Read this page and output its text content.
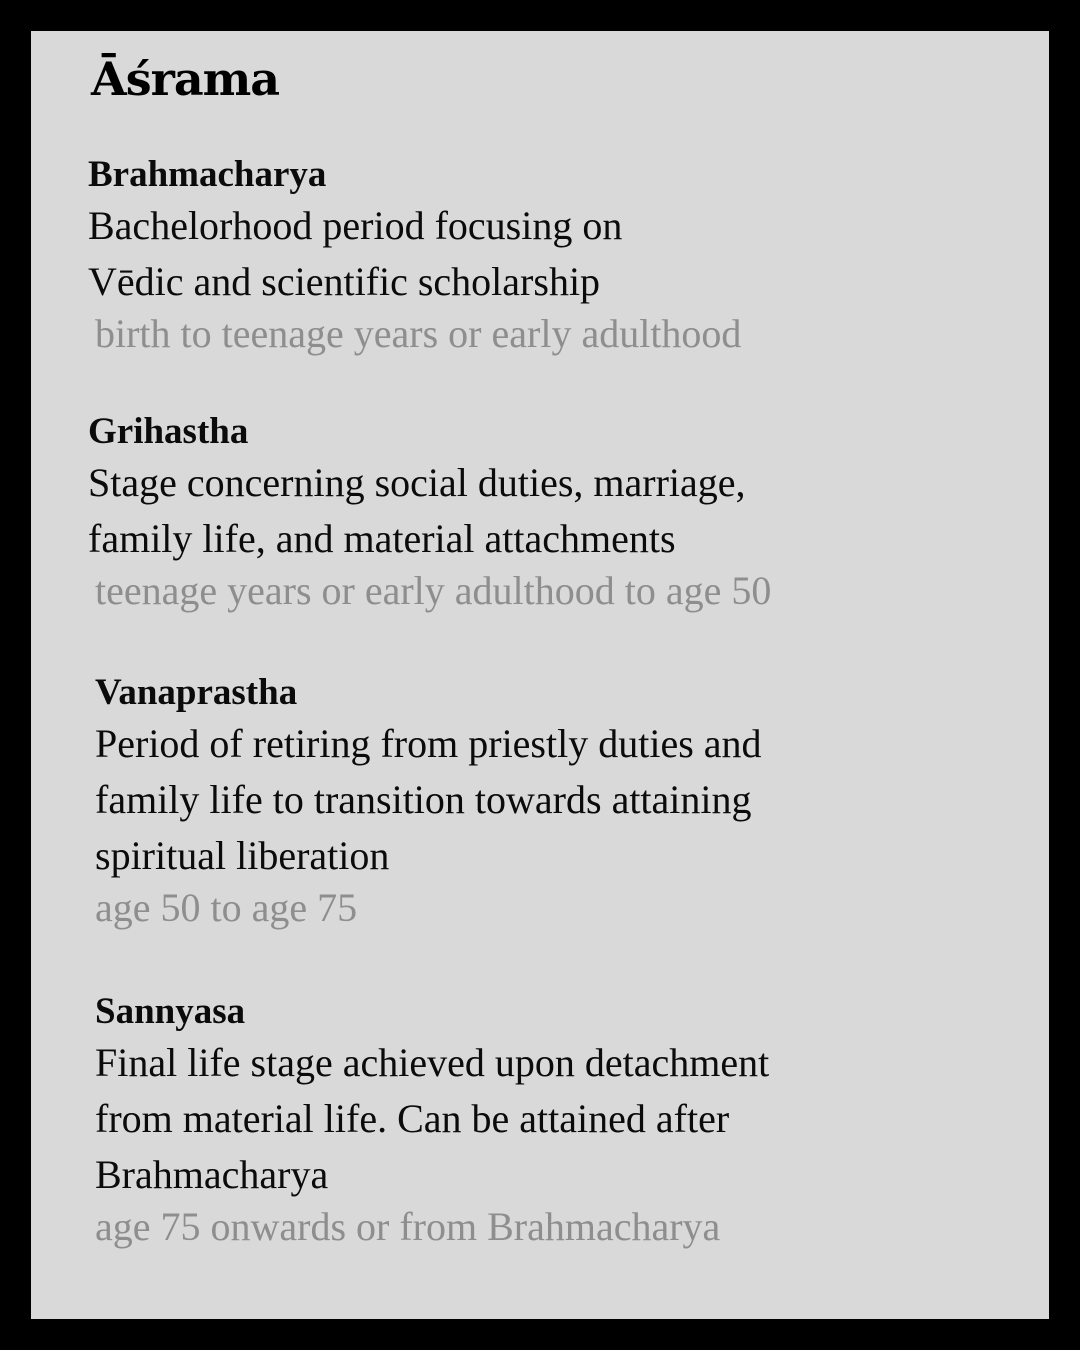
Āśrama
Brahmacharya
Bachelorhood period focusing on
Vēdic and scientific scholarship
birth to teenage years or early adulthood
Grihastha
Stage concerning social duties, marriage,
family life, and material attachments
teenage years or early adulthood to age 50
Vanaprastha
Period of retiring from priestly duties and
family life to transition towards attaining
spiritual liberation
age 50 to age 75
Sannyasa
Final life stage achieved upon detachment
from material life. Can be attained after
Brahmacharya
age 75 onwards or from Brahmacharya
